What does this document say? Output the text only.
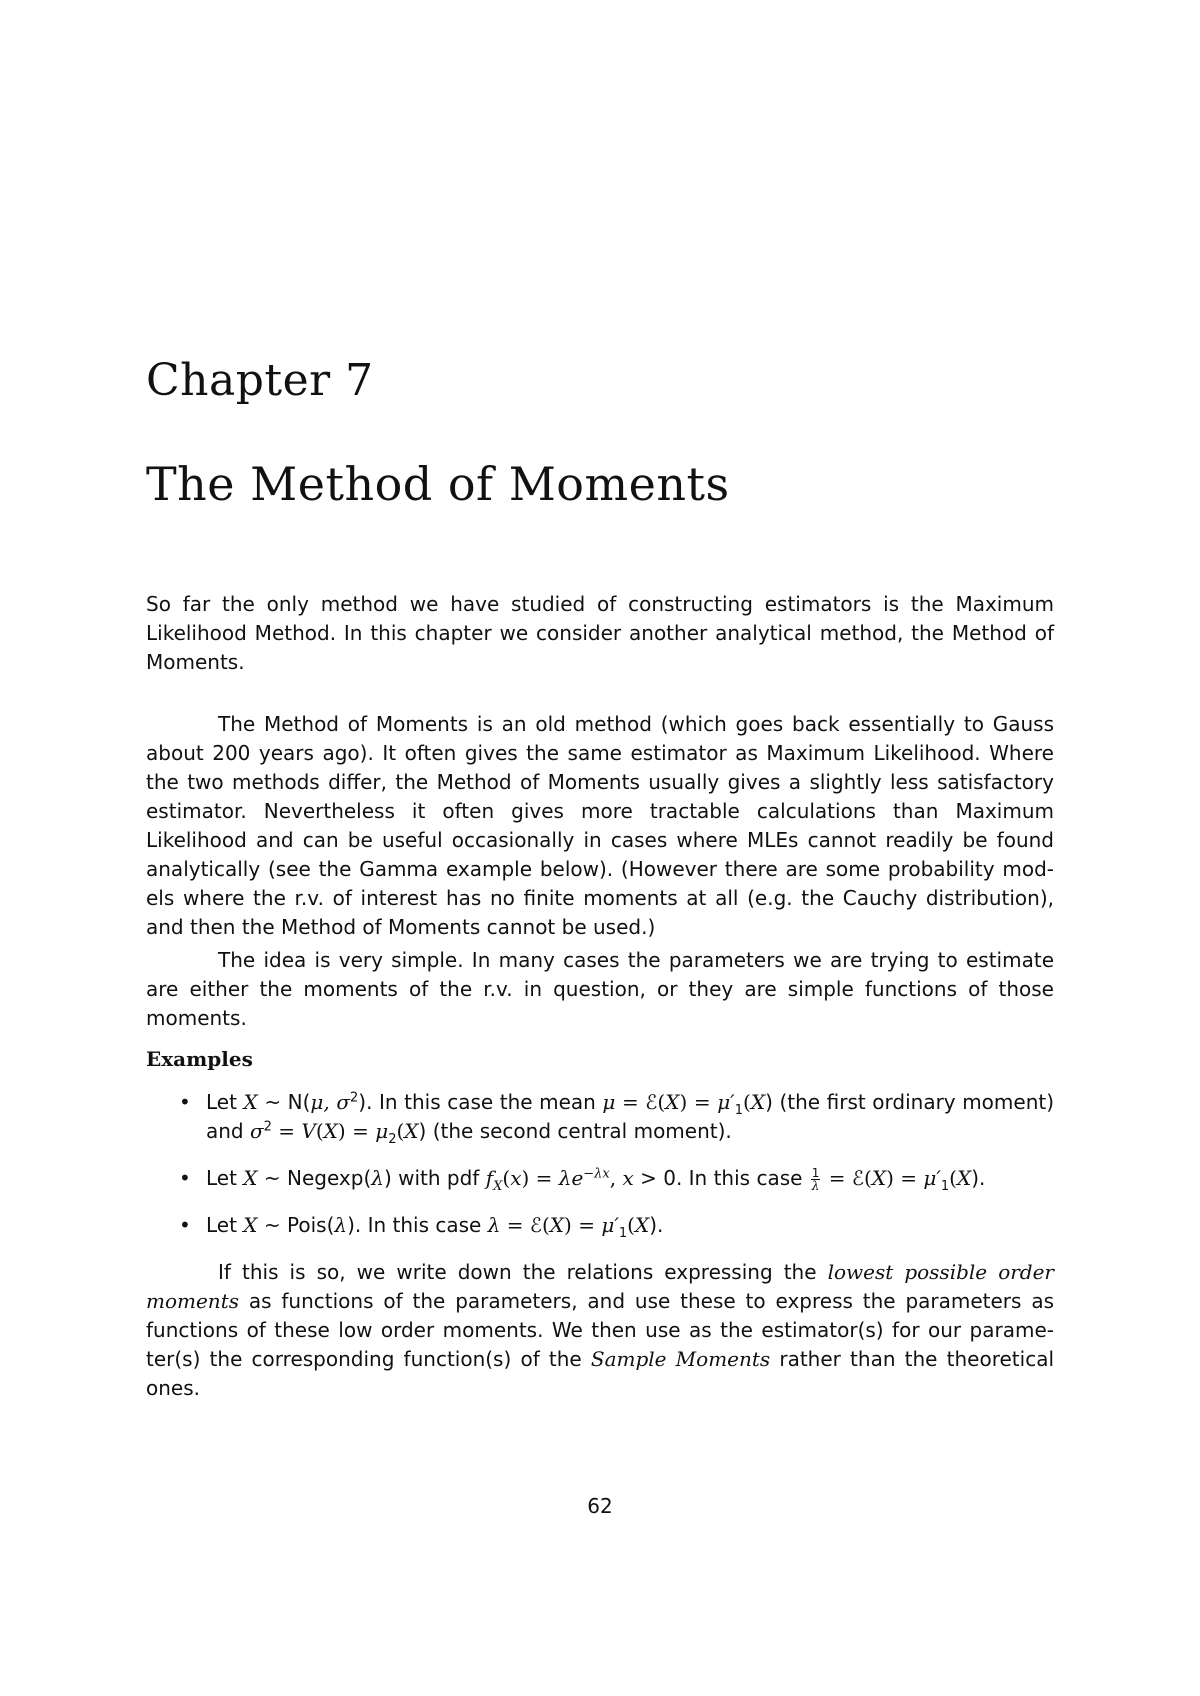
Chapter 7
The Method of Moments

So far the only method we have studied of constructing estimators is the Maximum Likelihood Method. In this chapter we consider another analytical method, the Method of Moments.

The Method of Moments is an old method (which goes back essentially to Gauss about 200 years ago). It often gives the same estimator as Maximum Likelihood. Where the two methods differ, the Method of Moments usually gives a slightly less satisfactory estimator. Nevertheless it often gives more tractable calculations than Maximum Likelihood and can be useful occasionally in cases where MLEs cannot readily be found analytically (see the Gamma example below). (However there are some probability models where the r.v. of interest has no finite moments at all (e.g. the Cauchy distribution), and then the Method of Moments cannot be used.)

The idea is very simple. In many cases the parameters we are trying to estimate are either the moments of the r.v. in question, or they are simple functions of those moments.

Examples
• Let X ~ N(μ, $\sigma^2$). In this case the mean μ = ℰ(X) = $\mu'_1(X)$ (the first ordinary moment) and $\sigma^2 = V(X) = \mu_2(X)$ (the second central moment).
• Let X ~ Negexp(λ) with pdf $f_X(x) = \lambda e^{-\lambda x}$, x > 0. In this case $\frac{1}{\lambda}$ = ℰ(X) = $\mu'_1(X)$.
• Let X ~ Pois(λ). In this case λ = ℰ(X) = $\mu'_1(X)$.

If this is so, we write down the relations expressing the lowest possible order moments as functions of the parameters, and use these to express the parameters as functions of these low order moments. We then use as the estimator(s) for our parameter(s) the corresponding function(s) of the Sample Moments rather than the theoretical ones.

62
